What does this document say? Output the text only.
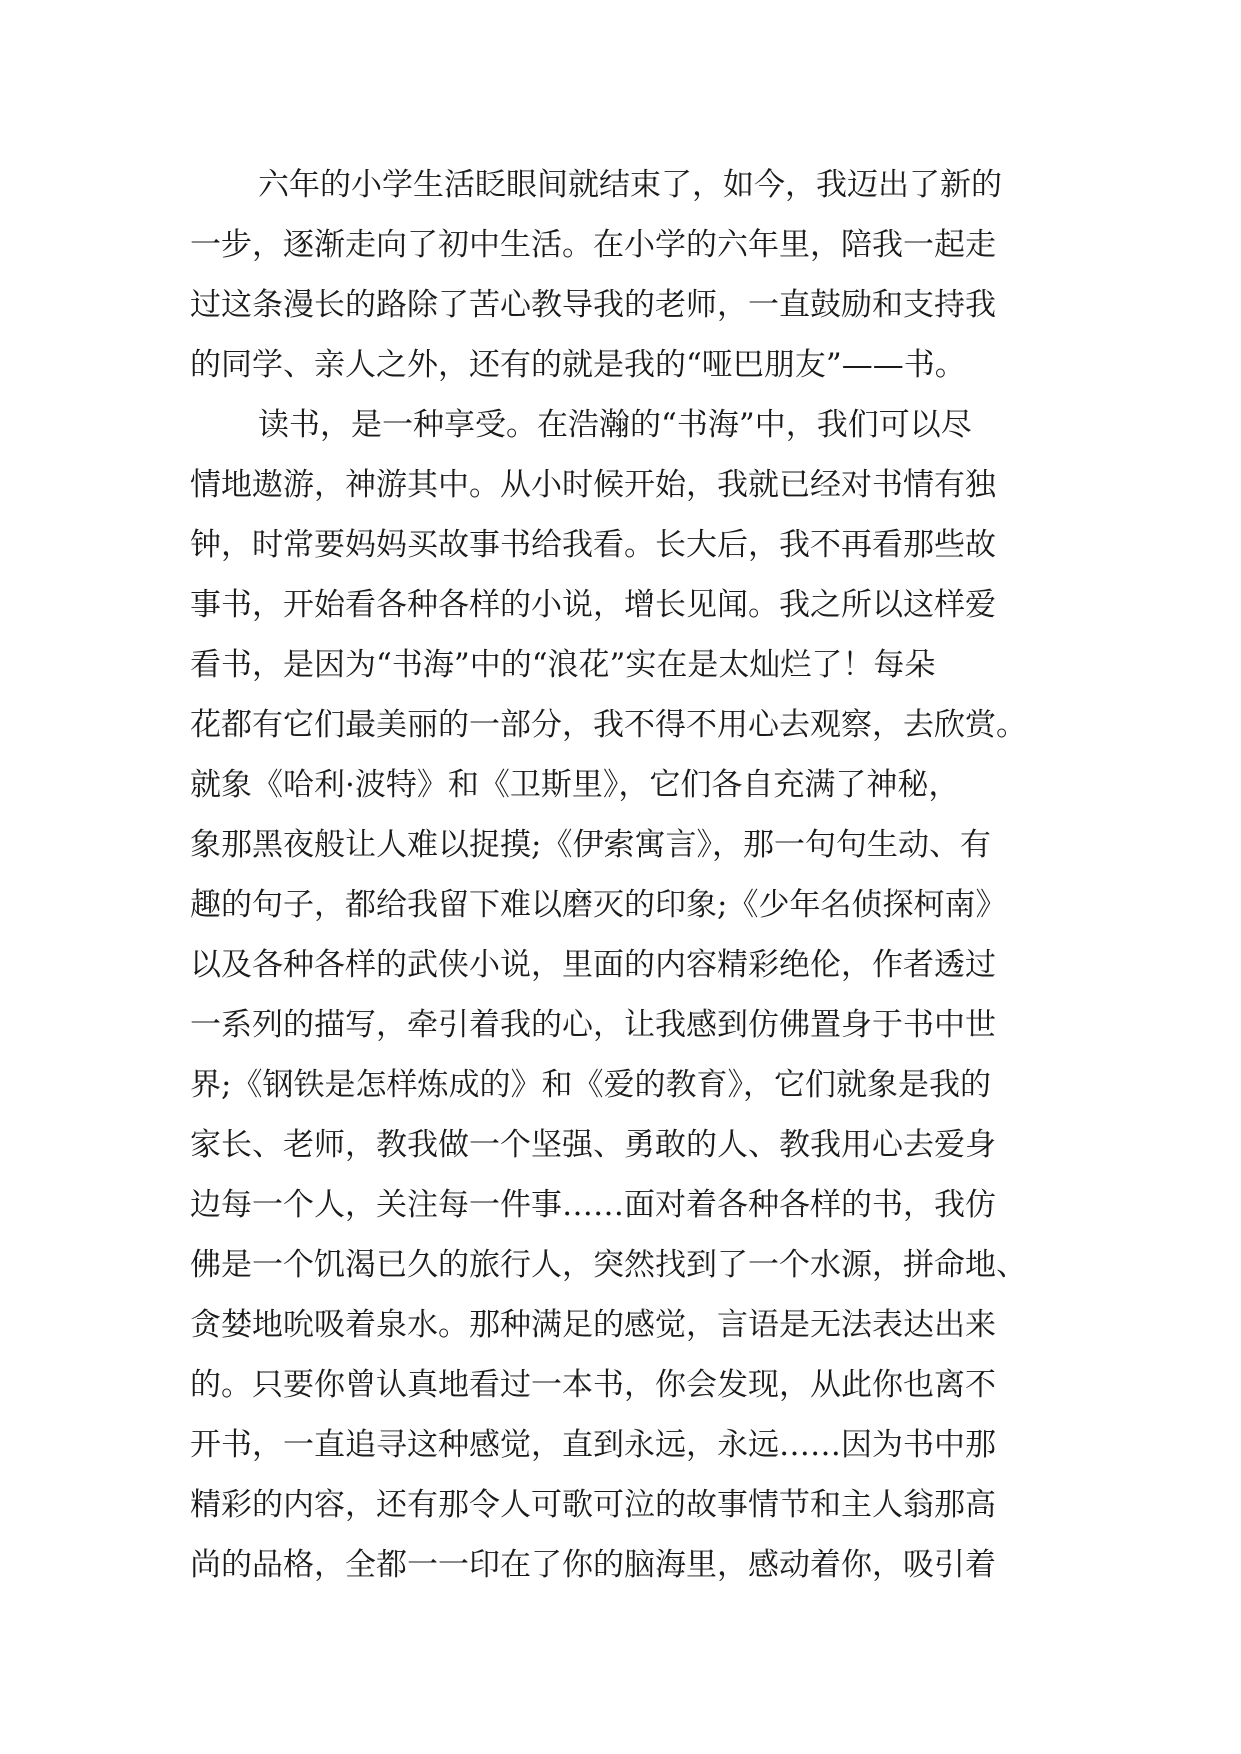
六年的小学生活眨眼间就结束了，如今，我迈出了新的
一步，逐渐走向了初中生活。在小学的六年里，陪我一起走
过这条漫长的路除了苦心教导我的老师，一直鼓励和支持我
的同学、亲人之外，还有的就是我的“哑巴朋友”——书。
读书，是一种享受。在浩瀚的“书海”中，我们可以尽
情地遨游，神游其中。从小时候开始，我就已经对书情有独
钟，时常要妈妈买故事书给我看。长大后，我不再看那些故
事书，开始看各种各样的小说，增长见闻。我之所以这样爱
看书，是因为“书海”中的“浪花”实在是太灿烂了！每朵
花都有它们最美丽的一部分，我不得不用心去观察，去欣赏。
就象《哈利·波特》和《卫斯里》，它们各自充满了神秘，
象那黑夜般让人难以捉摸;《伊索寓言》，那一句句生动、有
趣的句子，都给我留下难以磨灭的印象;《少年名侦探柯南》
以及各种各样的武侠小说，里面的内容精彩绝伦，作者透过
一系列的描写，牵引着我的心，让我感到仿佛置身于书中世
界;《钢铁是怎样炼成的》和《爱的教育》，它们就象是我的
家长、老师，教我做一个坚强、勇敢的人、教我用心去爱身
边每一个人，关注每一件事……面对着各种各样的书，我仿
佛是一个饥渴已久的旅行人，突然找到了一个水源，拼命地、
贪婪地吮吸着泉水。那种满足的感觉，言语是无法表达出来
的。只要你曾认真地看过一本书，你会发现，从此你也离不
开书，一直追寻这种感觉，直到永远，永远……因为书中那
精彩的内容，还有那令人可歌可泣的故事情节和主人翁那高
尚的品格，全都一一印在了你的脑海里，感动着你，吸引着
